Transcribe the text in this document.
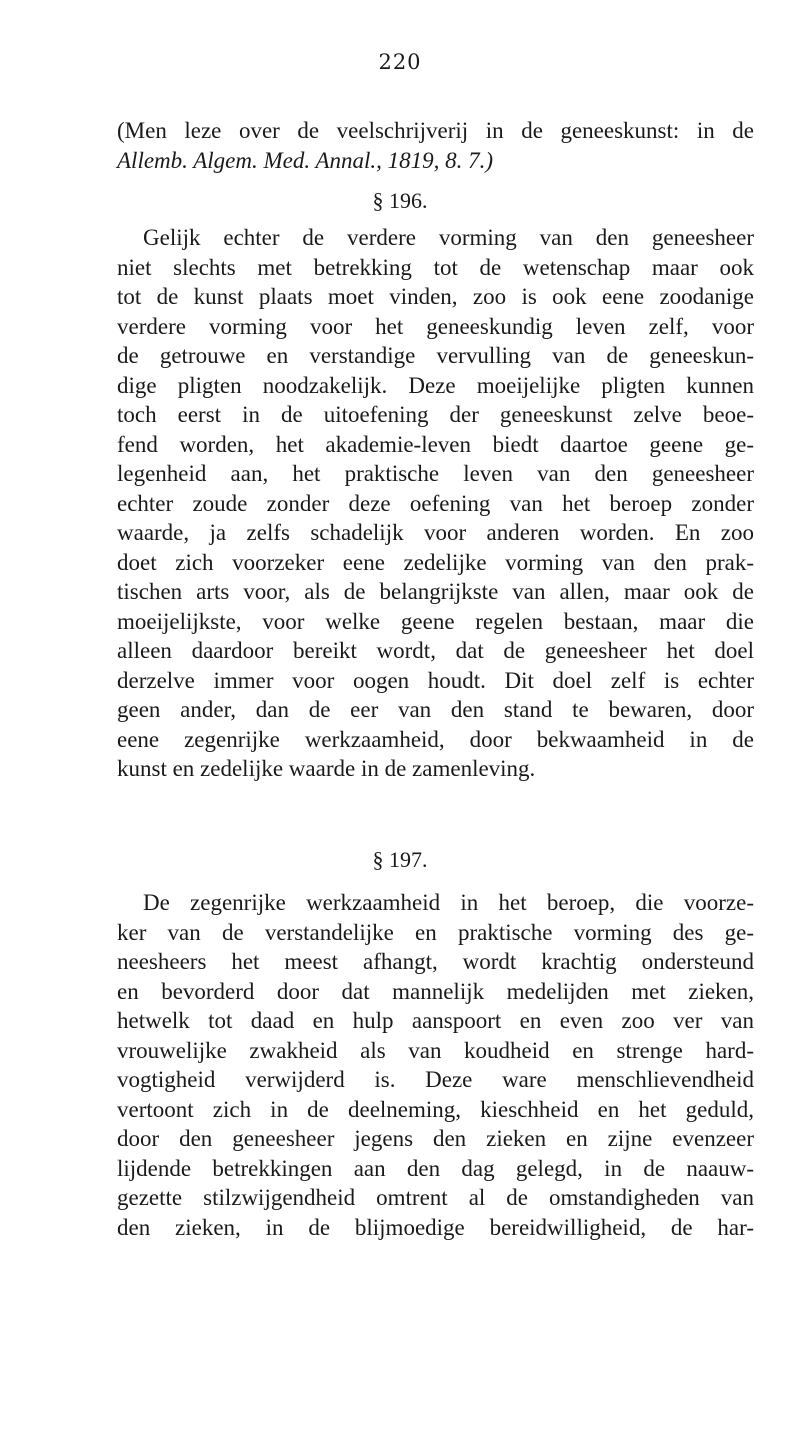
220
(Men leze over de veelschrijverij in de geneeskunst: in de
Allemb. Algem. Med. Annal., 1819, 8. 7.)
§ 196.
Gelijk echter de verdere vorming van den geneesheer
niet slechts met betrekking tot de wetenschap maar ook
tot de kunst plaats moet vinden, zoo is ook eene zoodanige
verdere vorming voor het geneeskundig leven zelf, voor
de getrouwe en verstandige vervulling van de geneeskun-
dige pligten noodzakelijk. Deze moeijelijke pligten kunnen
toch eerst in de uitoefening der geneeskunst zelve beoe-
fend worden, het akademie-leven biedt daartoe geene ge-
legenheid aan, het praktische leven van den geneesheer
echter zoude zonder deze oefening van het beroep zonder
waarde, ja zelfs schadelijk voor anderen worden. En zoo
doet zich voorzeker eene zedelijke vorming van den prak-
tischen arts voor, als de belangrijkste van allen, maar ook de
moeijelijkste, voor welke geene regelen bestaan, maar die
alleen daardoor bereikt wordt, dat de geneesheer het doel
derzelve immer voor oogen houdt. Dit doel zelf is echter
geen ander, dan de eer van den stand te bewaren, door
eene zegenrijke werkzaamheid, door bekwaamheid in de
kunst en zedelijke waarde in de zamenleving.
§ 197.
De zegenrijke werkzaamheid in het beroep, die voorze-
ker van de verstandelijke en praktische vorming des ge-
neesheers het meest afhangt, wordt krachtig ondersteund
en bevorderd door dat mannelijk medelijden met zieken,
hetwelk tot daad en hulp aanspoort en even zoo ver van
vrouwelijke zwakheid als van koudheid en strenge hard-
vogtigheid verwijderd is. Deze ware menschlievendheid
vertoont zich in de deelneming, kieschheid en het geduld,
door den geneesheer jegens den zieken en zijne evenzeer
lijdende betrekkingen aan den dag gelegd, in de naauw-
gezette stilzwijgendheid omtrent al de omstandigheden van
den zieken, in de blijmoedige bereidwilligheid, de har-
